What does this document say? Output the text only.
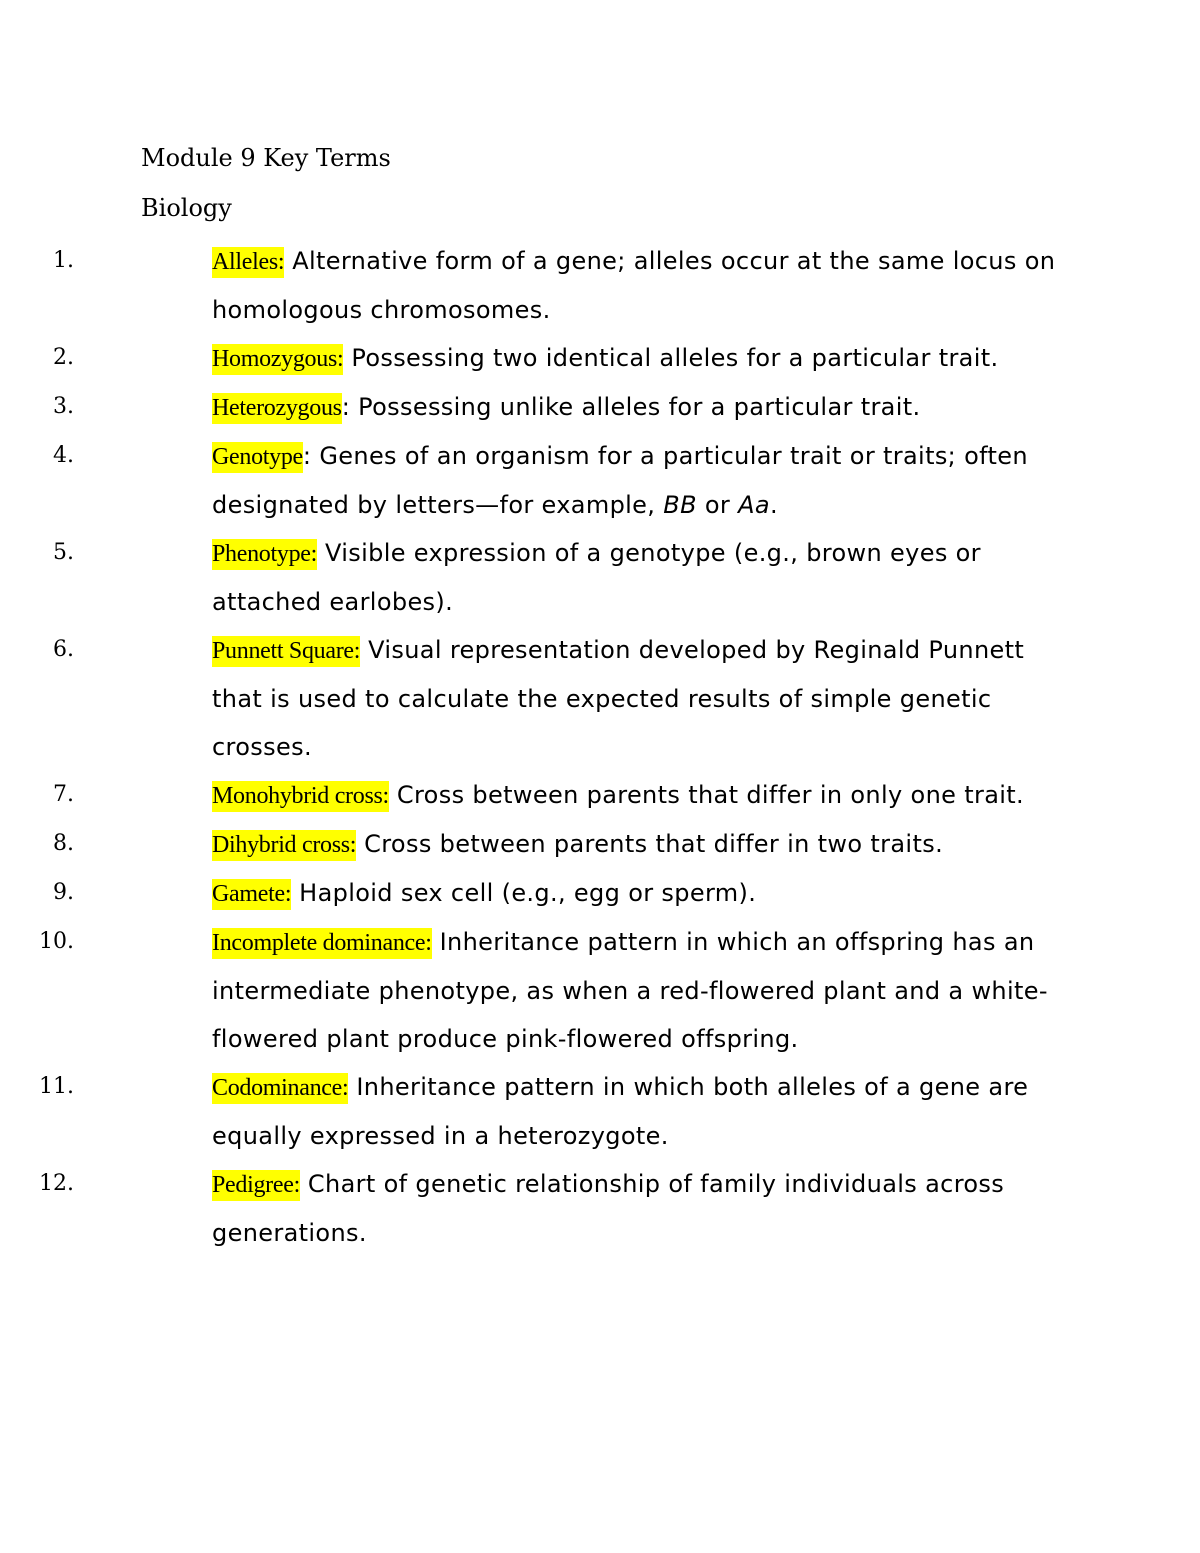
Module 9 Key Terms
Biology
1.	Alleles: Alternative form of a gene; alleles occur at the same locus on homologous chromosomes.
2.	Homozygous: Possessing two identical alleles for a particular trait.
3.	Heterozygous: Possessing unlike alleles for a particular trait.
4.	Genotype: Genes of an organism for a particular trait or traits; often designated by letters—for example, BB or Aa.
5.	Phenotype: Visible expression of a genotype (e.g., brown eyes or attached earlobes).
6.	Punnett Square: Visual representation developed by Reginald Punnett that is used to calculate the expected results of simple genetic crosses.
7.	Monohybrid cross: Cross between parents that differ in only one trait.
8.	Dihybrid cross: Cross between parents that differ in two traits.
9.	Gamete: Haploid sex cell (e.g., egg or sperm).
10.	Incomplete dominance: Inheritance pattern in which an offspring has an intermediate phenotype, as when a red-flowered plant and a white-flowered plant produce pink-flowered offspring.
11.	Codominance: Inheritance pattern in which both alleles of a gene are equally expressed in a heterozygote.
12.	Pedigree: Chart of genetic relationship of family individuals across generations.
